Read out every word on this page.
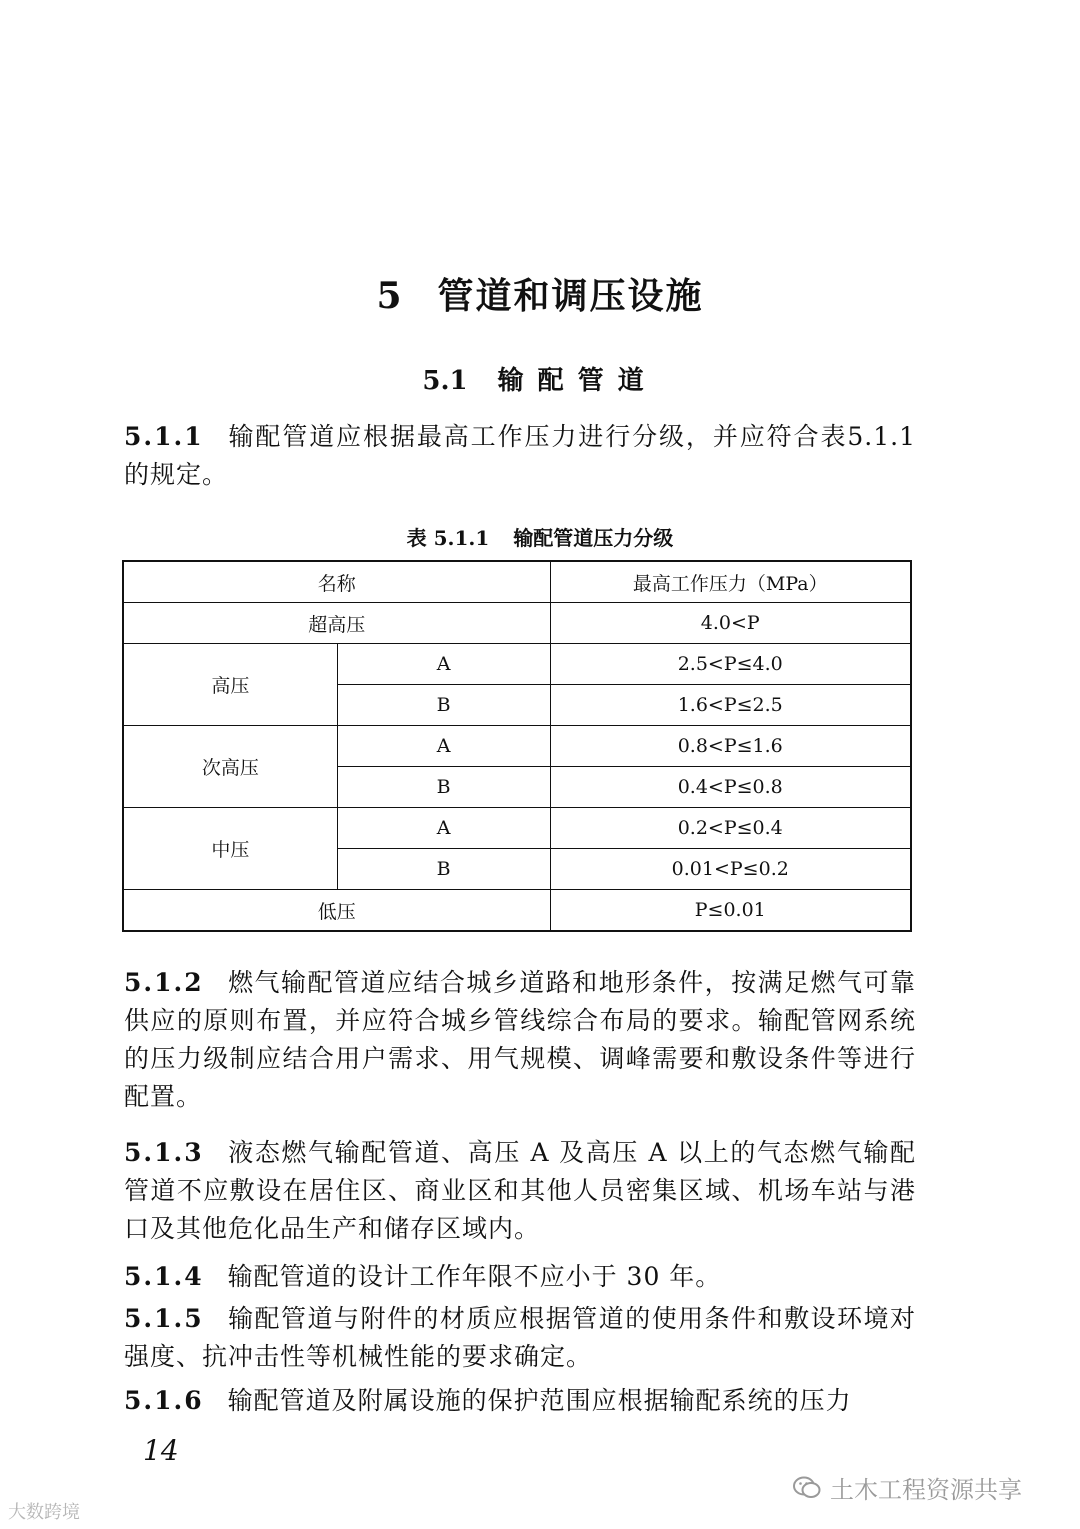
5 管道和调压设施
5.1 输配管道

5.1.1 输配管道应根据最高工作压力进行分级，并应符合表5.1.1的规定。

表 5.1.1 输配管道压力分级
名称		最高工作压力（MPa）
超高压		4.0<P
高压	A	2.5<P≤4.0
	B	1.6<P≤2.5
次高压	A	0.8<P≤1.6
	B	0.4<P≤0.8
中压	A	0.2<P≤0.4
	B	0.01<P≤0.2
低压		P≤0.01

5.1.2 燃气输配管道应结合城乡道路和地形条件，按满足燃气可靠供应的原则布置，并应符合城乡管线综合布局的要求。输配管网系统的压力级制应结合用户需求、用气规模、调峰需要和敷设条件等进行配置。

5.1.3 液态燃气输配管道、高压 A 及高压 A 以上的气态燃气输配管道不应敷设在居住区、商业区和其他人员密集区域、机场车站与港口及其他危化品生产和储存区域内。

5.1.4 输配管道的设计工作年限不应小于 30 年。

5.1.5 输配管道与附件的材质应根据管道的使用条件和敷设环境对强度、抗冲击性等机械性能的要求确定。

5.1.6 输配管道及附属设施的保护范围应根据输配系统的压力

14
土木工程资源共享
大数跨境
